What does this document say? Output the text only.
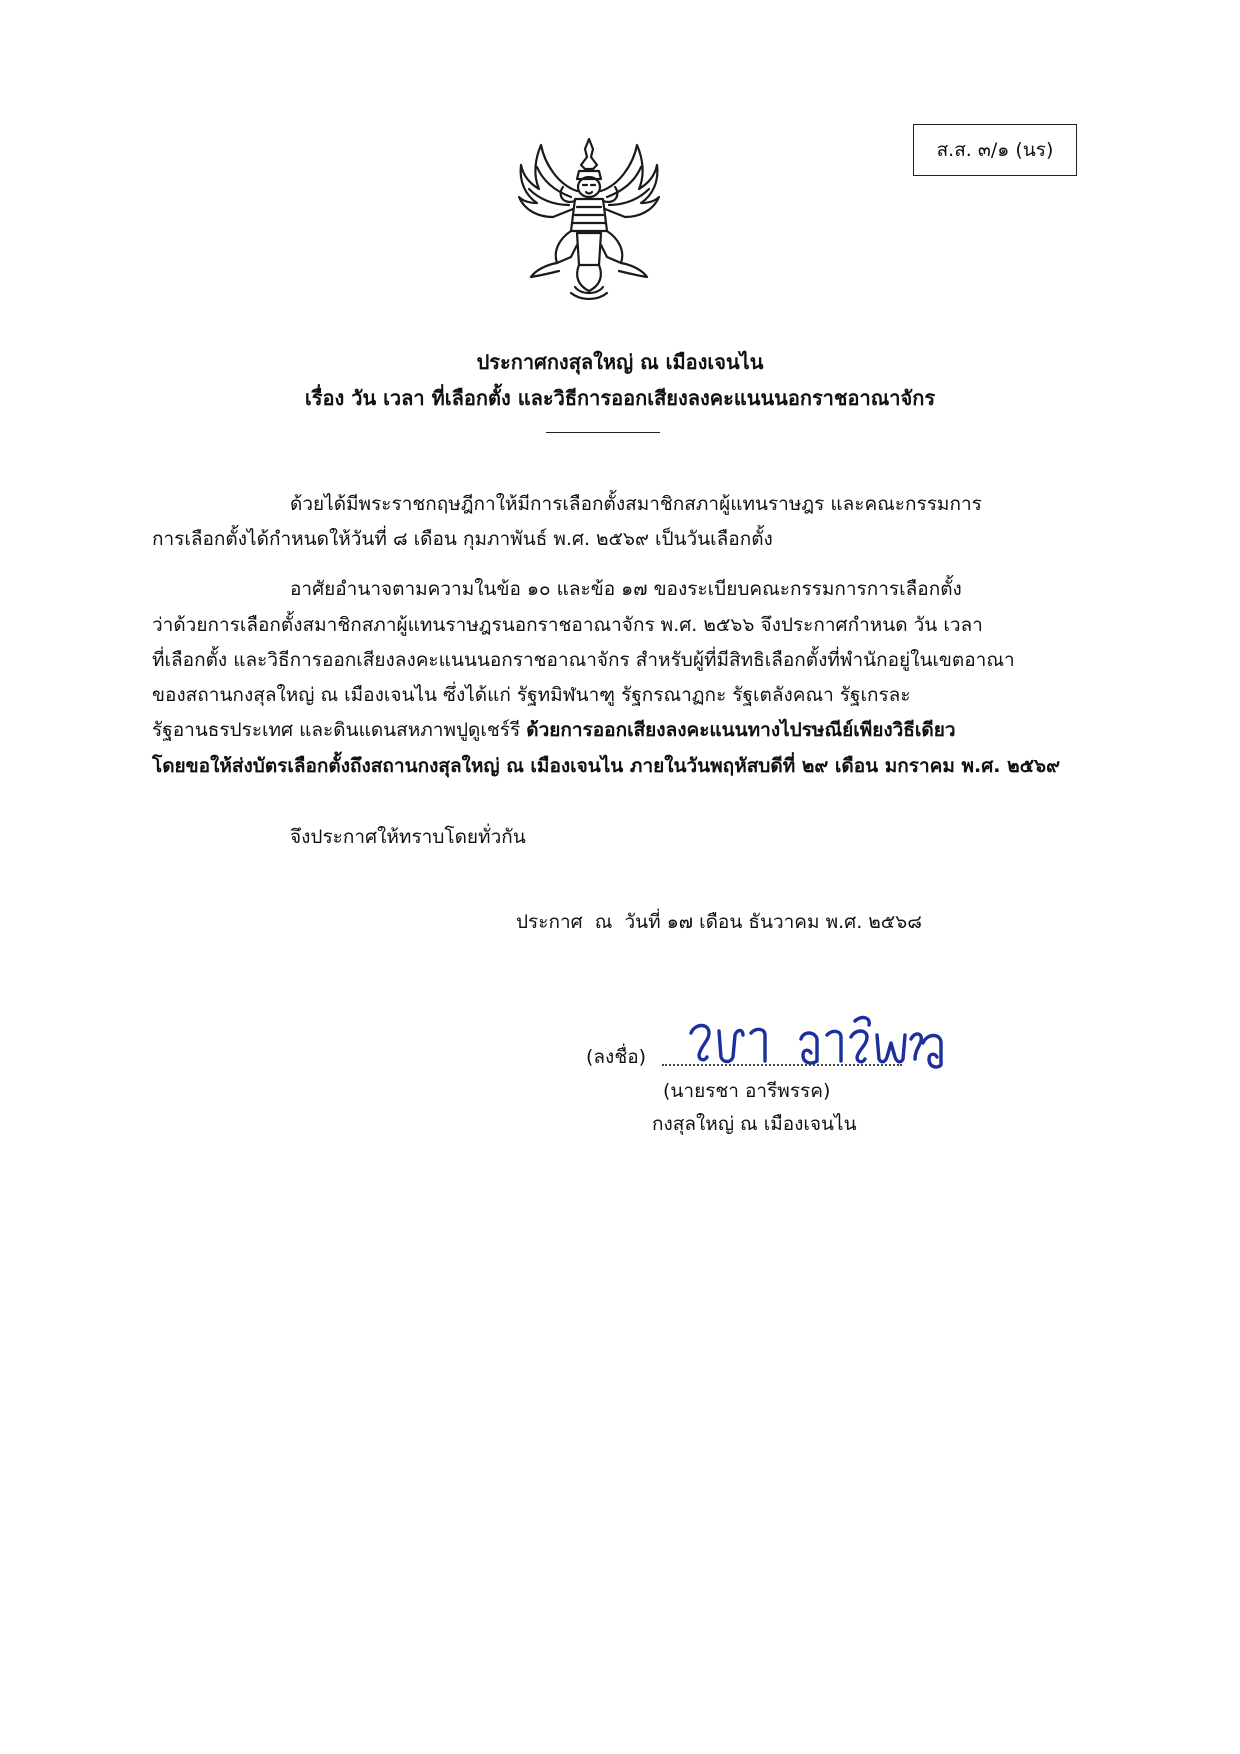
ส.ส. ๓/๑ (นร)
ประกาศกงสุลใหญ่ ณ เมืองเจนไน
เรื่อง วัน เวลา ที่เลือกตั้ง และวิธีการออกเสียงลงคะแนนนอกราชอาณาจักร
ด้วยได้มีพระราชกฤษฎีกาให้มีการเลือกตั้งสมาชิกสภาผู้แทนราษฎร และคณะกรรมการ
การเลือกตั้งได้กำหนดให้วันที่ ๘ เดือน กุมภาพันธ์ พ.ศ. ๒๕๖๙ เป็นวันเลือกตั้ง
อาศัยอำนาจตามความในข้อ ๑๐ และข้อ ๑๗ ของระเบียบคณะกรรมการการเลือกตั้ง
ว่าด้วยการเลือกตั้งสมาชิกสภาผู้แทนราษฎรนอกราชอาณาจักร พ.ศ. ๒๕๖๖ จึงประกาศกำหนด วัน เวลา
ที่เลือกตั้ง และวิธีการออกเสียงลงคะแนนนอกราชอาณาจักร สำหรับผู้ที่มีสิทธิเลือกตั้งที่พำนักอยู่ในเขตอาณา
ของสถานกงสุลใหญ่ ณ เมืองเจนไน ซึ่งได้แก่ รัฐทมิฬนาฑู รัฐกรณาฏกะ รัฐเตลังคณา รัฐเกรละ
รัฐอานธรประเทศ และดินแดนสหภาพปูดูเชร์รี ด้วยการออกเสียงลงคะแนนทางไปรษณีย์เพียงวิธีเดียว
โดยขอให้ส่งบัตรเลือกตั้งถึงสถานกงสุลใหญ่ ณ เมืองเจนไน ภายในวันพฤหัสบดีที่ ๒๙ เดือน มกราคม พ.ศ. ๒๕๖๙
จึงประกาศให้ทราบโดยทั่วกัน
ประกาศ  ณ  วันที่ ๑๗ เดือน ธันวาคม พ.ศ. ๒๕๖๘
(ลงชื่อ)
(นายรชา อารีพรรค)
กงสุลใหญ่ ณ เมืองเจนไน
